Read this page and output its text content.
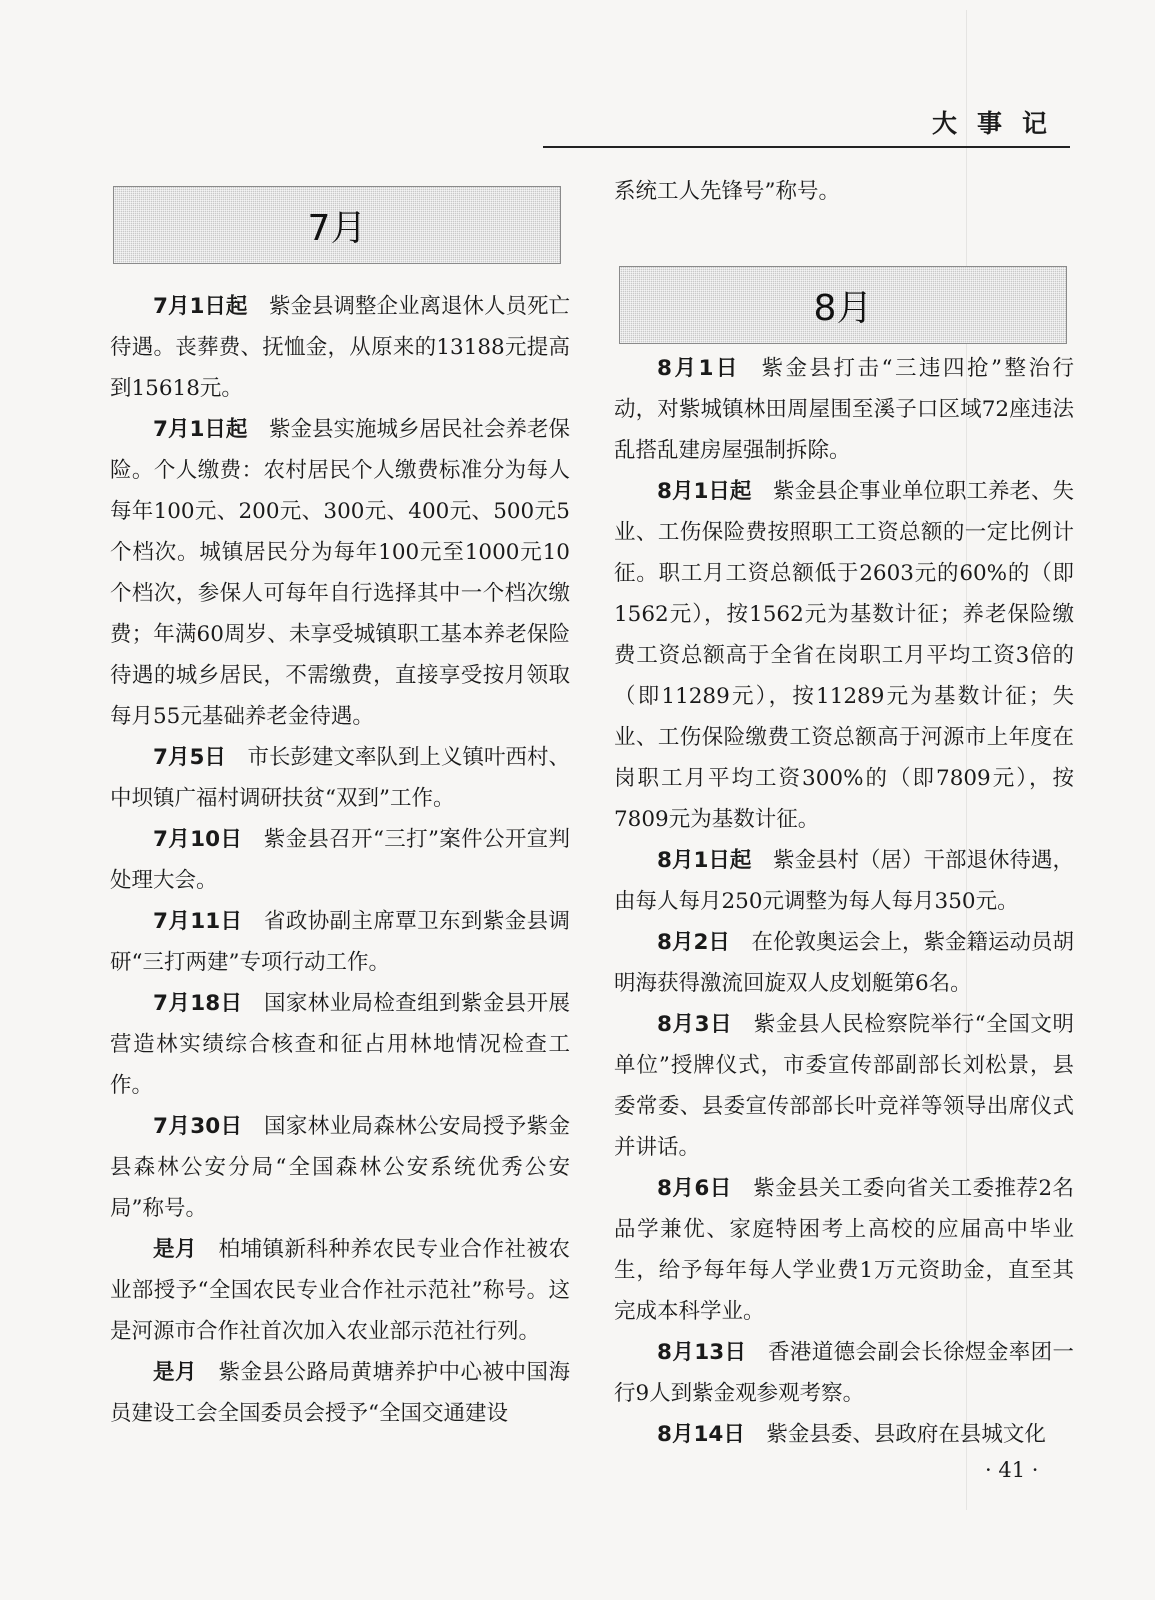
大事记
7月

7月1日起 紫金县调整企业离退休人员死亡待遇。丧葬费、抚恤金，从原来的13188元提高到15618元。

7月1日起 紫金县实施城乡居民社会养老保险。个人缴费：农村居民个人缴费标准分为每人每年100元、200元、300元、400元、500元5个档次。城镇居民分为每年100元至1000元10个档次，参保人可每年自行选择其中一个档次缴费；年满60周岁、未享受城镇职工基本养老保险待遇的城乡居民，不需缴费，直接享受按月领取每月55元基础养老金待遇。

7月5日 市长彭建文率队到上义镇叶西村、中坝镇广福村调研扶贫“双到”工作。

7月10日 紫金县召开“三打”案件公开宣判处理大会。

7月11日 省政协副主席覃卫东到紫金县调研“三打两建”专项行动工作。

7月18日 国家林业局检查组到紫金县开展营造林实绩综合核查和征占用林地情况检查工作。

7月30日 国家林业局森林公安局授予紫金县森林公安分局“全国森林公安系统优秀公安局”称号。

是月 柏埔镇新科种养农民专业合作社被农业部授予“全国农民专业合作社示范社”称号。这是河源市合作社首次加入农业部示范社行列。

是月 紫金县公路局黄塘养护中心被中国海员建设工会全国委员会授予“全国交通建设

系统工人先锋号”称号。

8月1日 紫金县打击“三违四抢”整治行动，对紫城镇林田周屋围至溪子口区域72座违法乱搭乱建房屋强制拆除。

8月1日起 紫金县企事业单位职工养老、失业、工伤保险费按照职工工资总额的一定比例计征。职工月工资总额低于2603元的60%的（即1562元），按1562元为基数计征；养老保险缴费工资总额高于全省在岗职工月平均工资3倍的（即11289元），按11289元为基数计征；失业、工伤保险缴费工资总额高于河源市上年度在岗职工月平均工资300%的（即7809元），按7809元为基数计征。

8月1日起 紫金县村（居）干部退休待遇，由每人每月250元调整为每人每月350元。

8月2日 在伦敦奥运会上，紫金籍运动员胡明海获得激流回旋双人皮划艇第6名。

8月3日 紫金县人民检察院举行“全国文明单位”授牌仪式，市委宣传部副部长刘松景，县委常委、县委宣传部部长叶竞祥等领导出席仪式并讲话。

8月6日 紫金县关工委向省关工委推荐2名品学兼优、家庭特困考上高校的应届高中毕业生，给予每年每人学业费1万元资助金，直至其完成本科学业。

8月13日 香港道德会副会长徐煜金率团一行9人到紫金观参观考察。

8月14日 紫金县委、县政府在县城文化

8月
· 41 ·
